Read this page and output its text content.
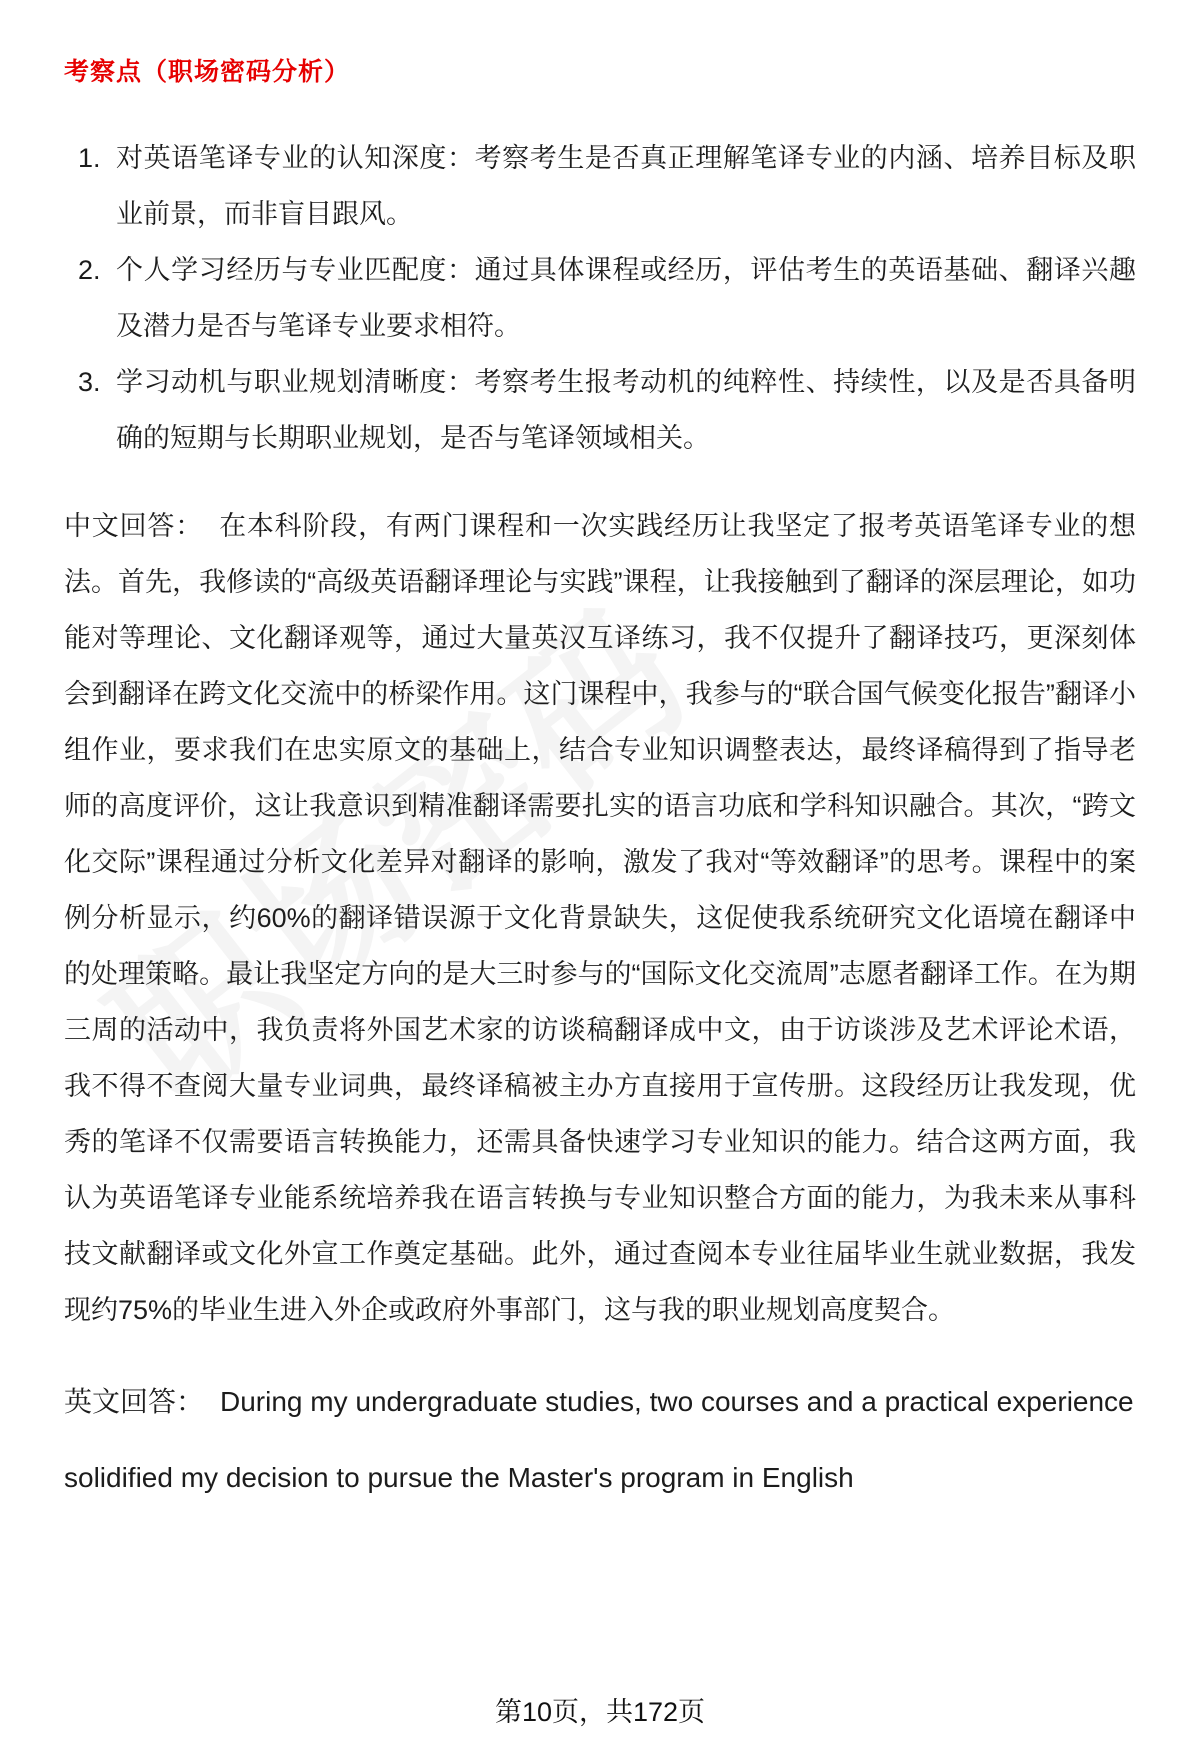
考察点（职场密码分析）
1. 对英语笔译专业的认知深度：考察考生是否真正理解笔译专业的内涵、培养目标及职业前景，而非盲目跟风。
2. 个人学习经历与专业匹配度：通过具体课程或经历，评估考生的英语基础、翻译兴趣及潜力是否与笔译专业要求相符。
3. 学习动机与职业规划清晰度：考察考生报考动机的纯粹性、持续性，以及是否具备明确的短期与长期职业规划，是否与笔译领域相关。

中文回答： 在本科阶段，有两门课程和一次实践经历让我坚定了报考英语笔译专业的想法。首先，我修读的“高级英语翻译理论与实践”课程，让我接触到了翻译的深层理论，如功能对等理论、文化翻译观等，通过大量英汉互译练习，我不仅提升了翻译技巧，更深刻体会到翻译在跨文化交流中的桥梁作用。这门课程中，我参与的“联合国气候变化报告”翻译小组作业，要求我们在忠实原文的基础上，结合专业知识调整表达，最终译稿得到了指导老师的高度评价，这让我意识到精准翻译需要扎实的语言功底和学科知识融合。其次，“跨文化交际”课程通过分析文化差异对翻译的影响，激发了我对“等效翻译”的思考。课程中的案例分析显示，约60%的翻译错误源于文化背景缺失，这促使我系统研究文化语境在翻译中的处理策略。最让我坚定方向的是大三时参与的“国际文化交流周”志愿者翻译工作。在为期三周的活动中，我负责将外国艺术家的访谈稿翻译成中文，由于访谈涉及艺术评论术语，我不得不查阅大量专业词典，最终译稿被主办方直接用于宣传册。这段经历让我发现，优秀的笔译不仅需要语言转换能力，还需具备快速学习专业知识的能力。结合这两方面，我认为英语笔译专业能系统培养我在语言转换与专业知识整合方面的能力，为我未来从事科技文献翻译或文化外宣工作奠定基础。此外，通过查阅本专业往届毕业生就业数据，我发现约75%的毕业生进入外企或政府外事部门，这与我的职业规划高度契合。

英文回答： During my undergraduate studies, two courses and a practical experience solidified my decision to pursue the Master's program in English

第10页，共172页
